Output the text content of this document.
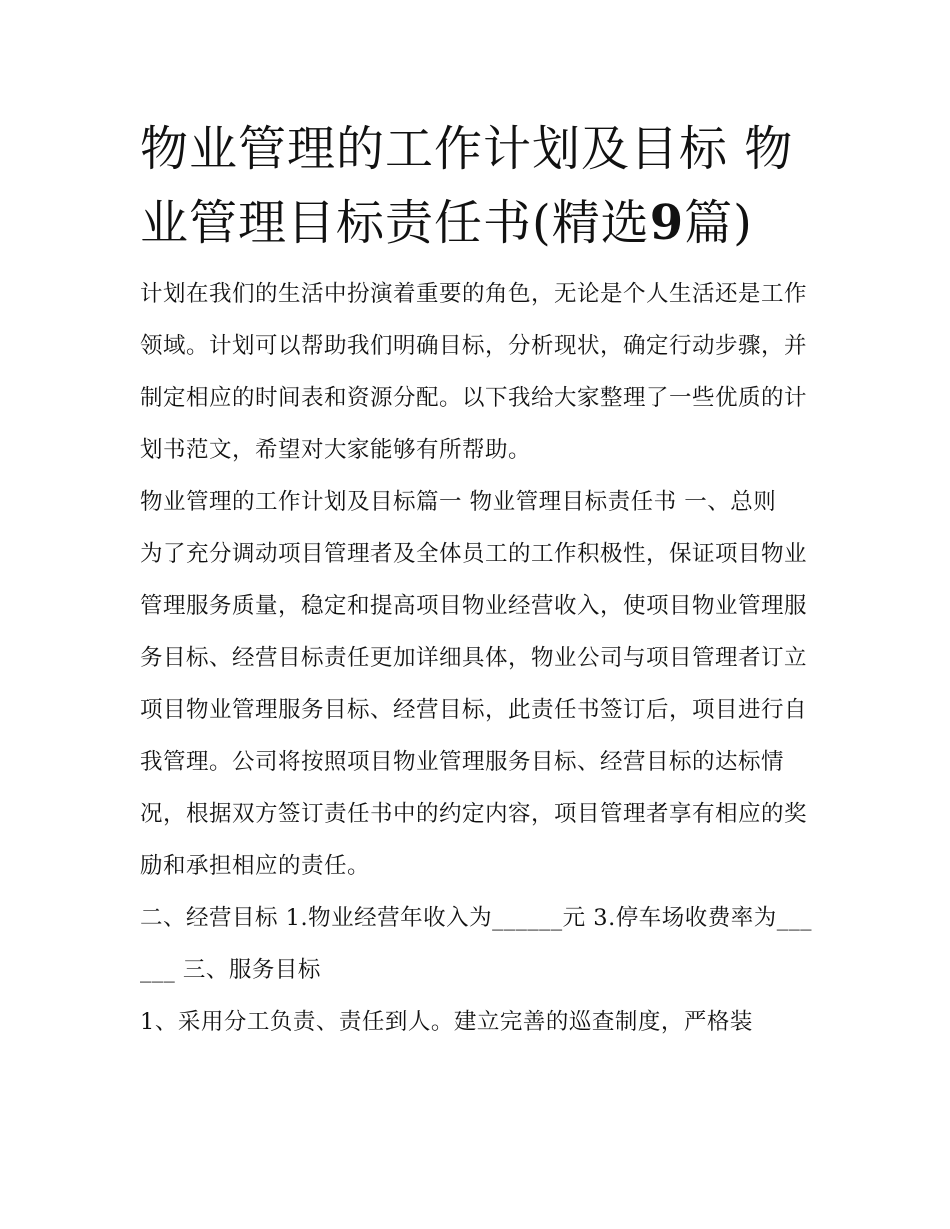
物业管理的工作计划及目标 物业管理目标责任书(精选9篇)

计划在我们的生活中扮演着重要的角色，无论是个人生活还是工作领域。计划可以帮助我们明确目标，分析现状，确定行动步骤，并制定相应的时间表和资源分配。以下我给大家整理了一些优质的计划书范文，希望对大家能够有所帮助。

物业管理的工作计划及目标篇一 物业管理目标责任书 一、总则

为了充分调动项目管理者及全体员工的工作积极性，保证项目物业管理服务质量，稳定和提高项目物业经营收入，使项目物业管理服务目标、经营目标责任更加详细具体，物业公司与项目管理者订立项目物业管理服务目标、经营目标，此责任书签订后，项目进行自我管理。公司将按照项目物业管理服务目标、经营目标的达标情况，根据双方签订责任书中的约定内容，项目管理者享有相应的奖励和承担相应的责任。

二、经营目标 1.物业经营年收入为______元 3.停车场收费率为______ 三、服务目标

1、采用分工负责、责任到人。建立完善的巡查制度，严格装
